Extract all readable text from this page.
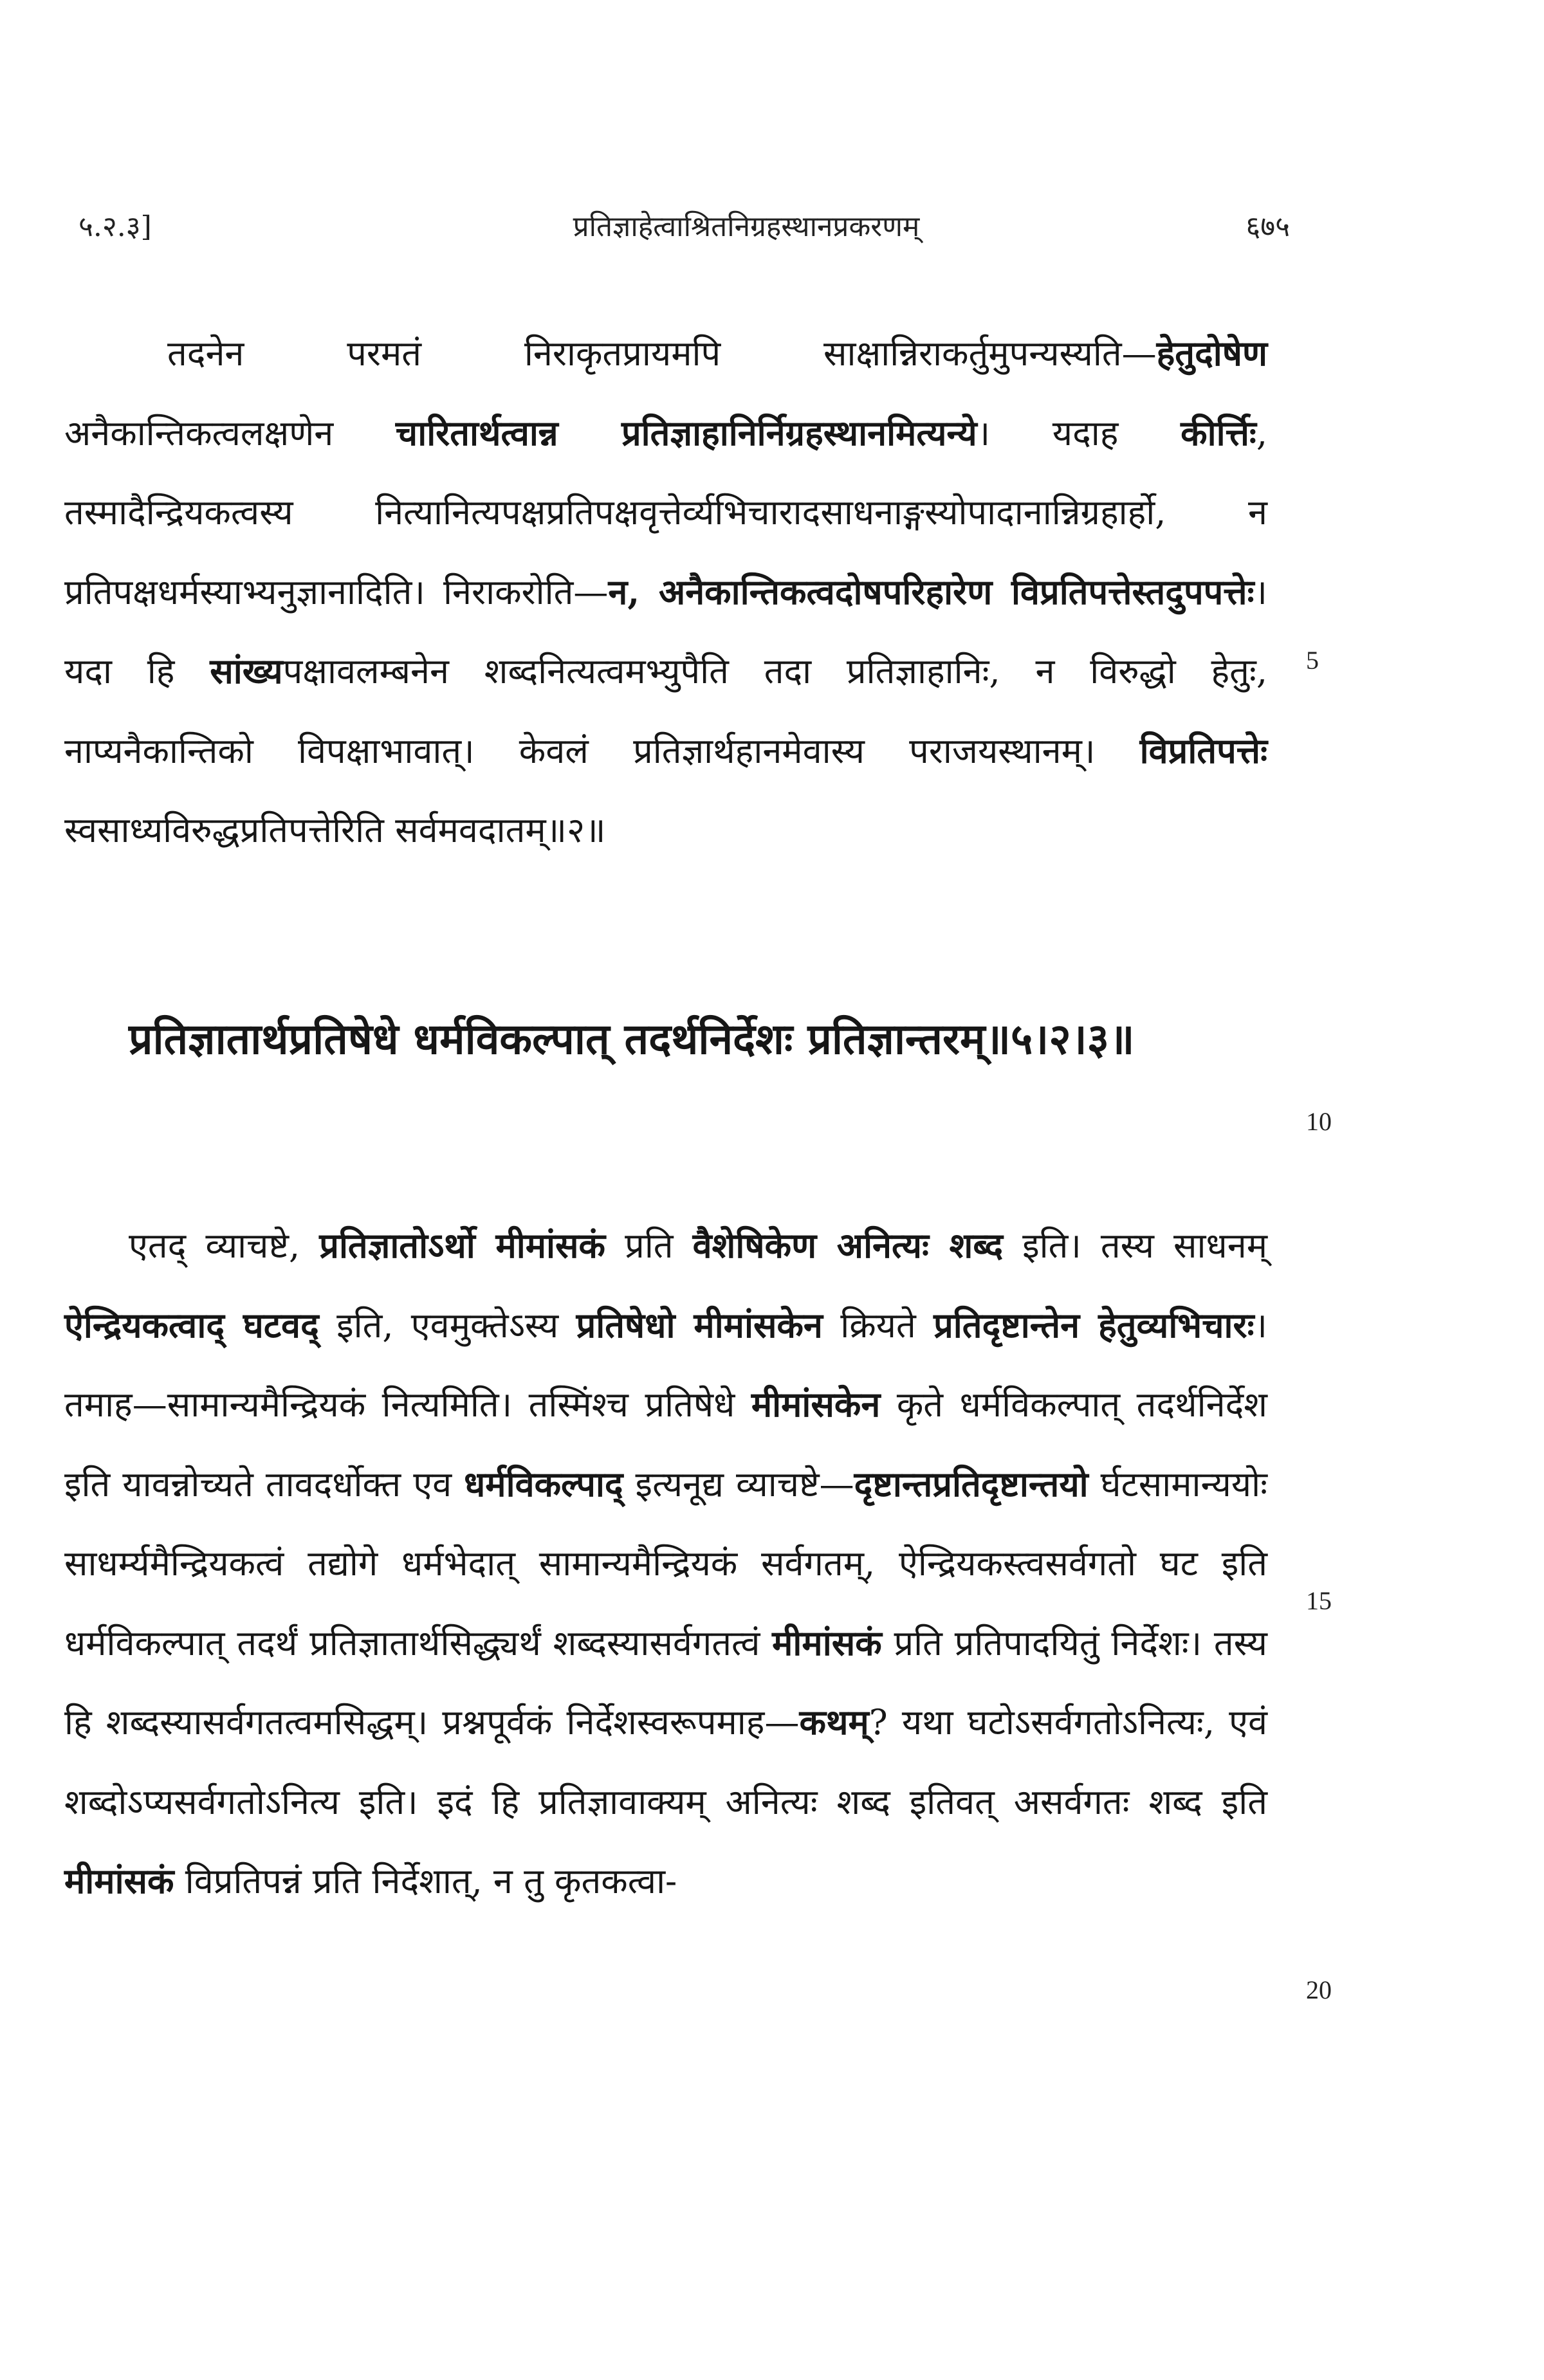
५.२.३]	प्रतिज्ञाहेत्वाश्रितनिग्रहस्थानप्रकरणम्	६७५

तदनेन परमतं निराकृतप्रायमपि साक्षान्निराकर्तुमुपन्यस्यति—हेतुदोषेण अनैकान्तिकत्वलक्षणेन चारितार्थत्वान्न प्रतिज्ञाहानिर्निग्रहस्थानमित्यन्ये। यदाह कीर्त्तिः, तस्मादैन्द्रियकत्वस्य नित्यानित्यपक्षप्रतिपक्षवृत्तेर्व्यभिचारादसाधनाङ्गस्योपादानान्निग्रहार्हो, न प्रतिपक्षधर्मस्याभ्यनुज्ञानादिति। निराकरोति—न, अनैकान्तिकत्वदोषपरिहारेण विप्रतिपत्तेस्तदुपपत्तेः। यदा हि सांख्यपक्षावलम्बनेन शब्दनित्यत्वमभ्युपैति तदा प्रतिज्ञाहानिः, न विरुद्धो हेतुः, नाप्यनैकान्तिको विपक्षाभावात्। केवलं प्रतिज्ञार्थहानमेवास्य पराजयस्थानम्। विप्रतिपत्तेः स्वसाध्यविरुद्धप्रतिपत्तेरिति सर्वमवदातम्॥२॥

प्रतिज्ञातार्थप्रतिषेधे धर्मविकल्पात् तदर्थनिर्देशः प्रतिज्ञान्तरम्॥५।२।३॥

एतद् व्याचष्टे, प्रतिज्ञातोऽर्थो मीमांसकं प्रति वैशेषिकेण अनित्यः शब्द इति। तस्य साधनम् ऐन्द्रियकत्वाद् घटवद् इति, एवमुक्तेऽस्य प्रतिषेधो मीमांसकेन क्रियते प्रतिदृष्टान्तेन हेतुव्यभिचारः। तमाह—सामान्यमैन्द्रियकं नित्यमिति। तस्मिंश्च प्रतिषेधे मीमांसकेन कृते धर्मविकल्पात् तदर्थनिर्देश इति यावन्नोच्यते तावदर्धोक्त एव धर्मविकल्पाद् इत्यनूद्य व्याचष्टे—दृष्टान्तप्रतिदृष्टान्तयो र्घटसामान्ययोः साधर्म्यमैन्द्रियकत्वं तद्योगे धर्मभेदात् सामान्यमैन्द्रियकं सर्वगतम्, ऐन्द्रियकस्त्वसर्वगतो घट इति धर्मविकल्पात् तदर्थं प्रतिज्ञातार्थसिद्ध्यर्थं शब्दस्यासर्वगतत्वं मीमांसकं प्रति प्रतिपादयितुं निर्देशः। तस्य हि शब्दस्यासर्वगतत्वमसिद्धम्। प्रश्नपूर्वकं निर्देशस्वरूपमाह—कथम्? यथा घटोऽसर्वगतोऽनित्यः, एवं शब्दोऽप्यसर्वगतोऽनित्य इति। इदं हि प्रतिज्ञावाक्यम् अनित्यः शब्द इतिवत् असर्वगतः शब्द इति मीमांसकं विप्रतिपन्नं प्रति निर्देशात्, न तु कृतकत्वा-

5
10
15
20
